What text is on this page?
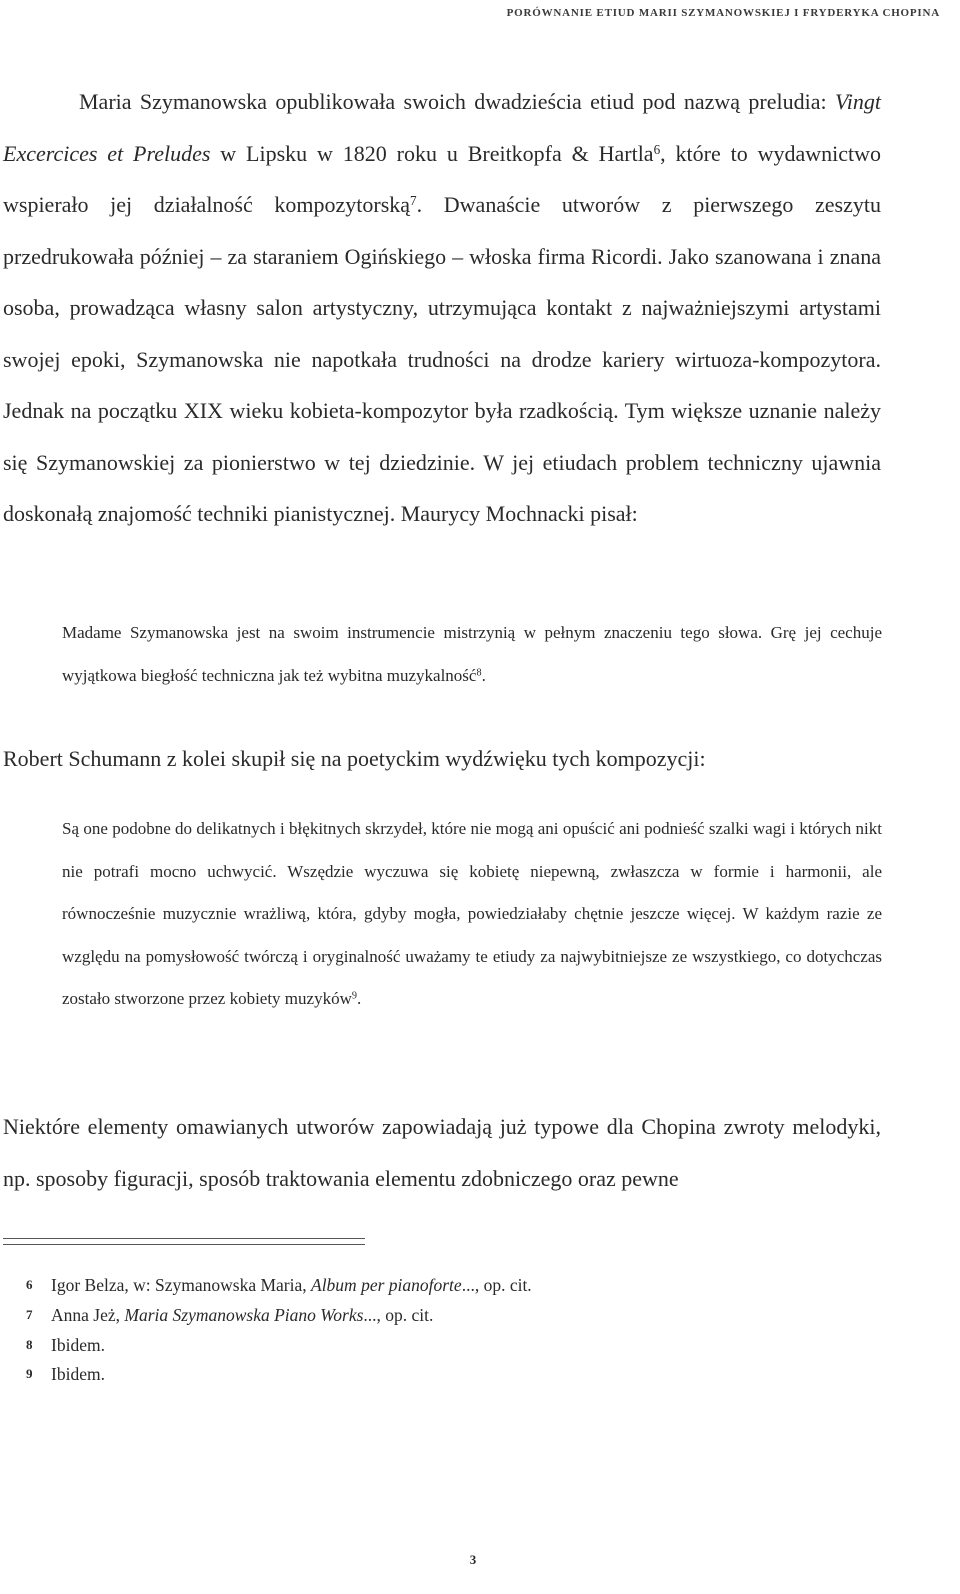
PORÓWNANIE ETIUD MARII SZYMANOWSKIEJ I FRYDERYKA CHOPINA

Maria Szymanowska opublikowała swoich dwadzieścia etiud pod nazwą preludia: Vingt Excercices et Preludes w Lipsku w 1820 roku u Breitkopfa & Hartla$^6$, które to wydawnictwo wspierało jej działalność kompozytorską$^7$. Dwanaście utworów z pierwszego zeszytu przedrukowała później – za staraniem Ogińskiego – włoska firma Ricordi. Jako szanowana i znana osoba, prowadząca własny salon artystyczny, utrzymująca kontakt z najważniejszymi artystami swojej epoki, Szymanowska nie napotkała trudności na drodze kariery wirtuoza-kompozytora. Jednak na początku XIX wieku kobieta-kompozytor była rzadkością. Tym większe uznanie należy się Szymanowskiej za pionierstwo w tej dziedzinie. W jej etiudach problem techniczny ujawnia doskonałą znajomość techniki pianistycznej. Maurycy Mochnacki pisał:

Madame Szymanowska jest na swoim instrumencie mistrzynią w pełnym znaczeniu tego słowa. Grę jej cechuje wyjątkowa biegłość techniczna jak też wybitna muzykalność$^8$.

Robert Schumann z kolei skupił się na poetyckim wydźwięku tych kompozycji:

Są one podobne do delikatnych i błękitnych skrzydeł, które nie mogą ani opuścić ani podnieść szalki wagi i których nikt nie potrafi mocno uchwycić. Wszędzie wyczuwa się kobietę niepewną, zwłaszcza w formie i harmonii, ale równocześnie muzycznie wrażliwą, która, gdyby mogła, powiedziałaby chętnie jeszcze więcej. W każdym razie ze względu na pomysłowość twórczą i oryginalność uważamy te etiudy za najwybitniejsze ze wszystkiego, co dotychczas zostało stworzone przez kobiety muzyków$^9$.

Niektóre elementy omawianych utworów zapowiadają już typowe dla Chopina zwroty melodyki, np. sposoby figuracji, sposób traktowania elementu zdobniczego oraz pewne

6 Igor Belza, w: Szymanowska Maria, Album per pianoforte..., op. cit.
7 Anna Jeż, Maria Szymanowska Piano Works..., op. cit.
8 Ibidem.
9 Ibidem.
3
